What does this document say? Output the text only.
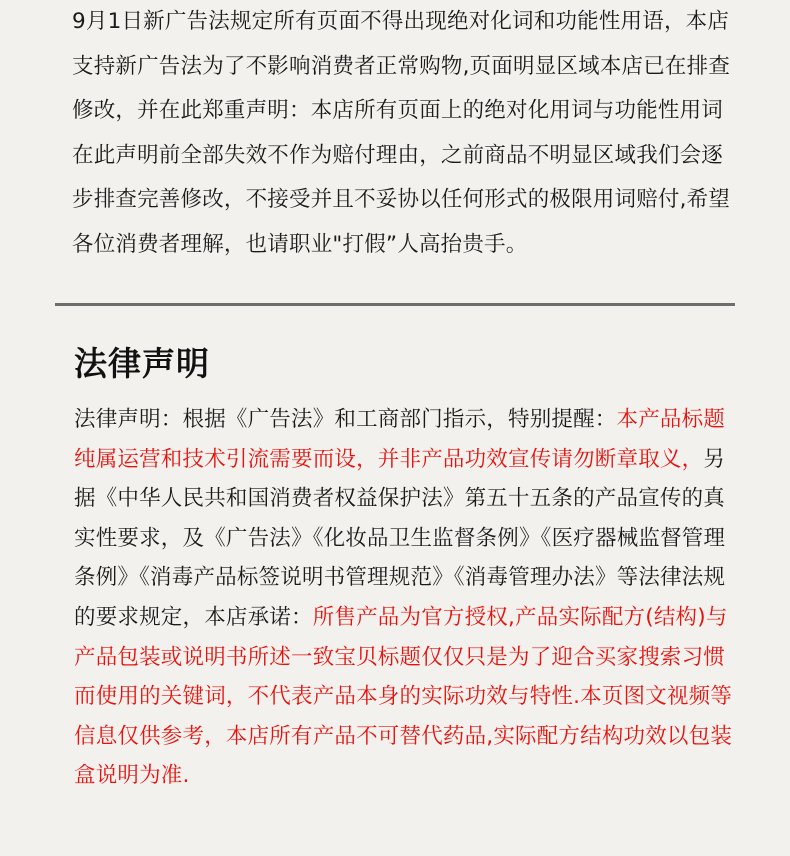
9月1日新广告法规定所有页面不得出现绝对化词和功能性用语，本店支持新广告法为了不影响消费者正常购物,页面明显区域本店已在排查修改，并在此郑重声明：本店所有页面上的绝对化用词与功能性用词在此声明前全部失效不作为赔付理由，之前商品不明显区域我们会逐步排查完善修改，不接受并且不妥协以任何形式的极限用词赔付,希望各位消费者理解，也请职业"打假”人高抬贵手。

法律声明

法律声明：根据《广告法》和工商部门指示，特别提醒：本产品标题纯属运营和技术引流需要而设，并非产品功效宣传请勿断章取义，另据《中华人民共和国消费者权益保护法》第五十五条的产品宣传的真实性要求，及《广告法》《化妆品卫生监督条例》《医疗器械监督管理条例》《消毒产品标签说明书管理规范》《消毒管理办法》等法律法规的要求规定，本店承诺：所售产品为官方授权,产品实际配方(结构)与产品包装或说明书所述一致宝贝标题仅仅只是为了迎合买家搜索习惯而使用的关键词，不代表产品本身的实际功效与特性.本页图文视频等信息仅供参考，本店所有产品不可替代药品,实际配方结构功效以包装盒说明为准.
